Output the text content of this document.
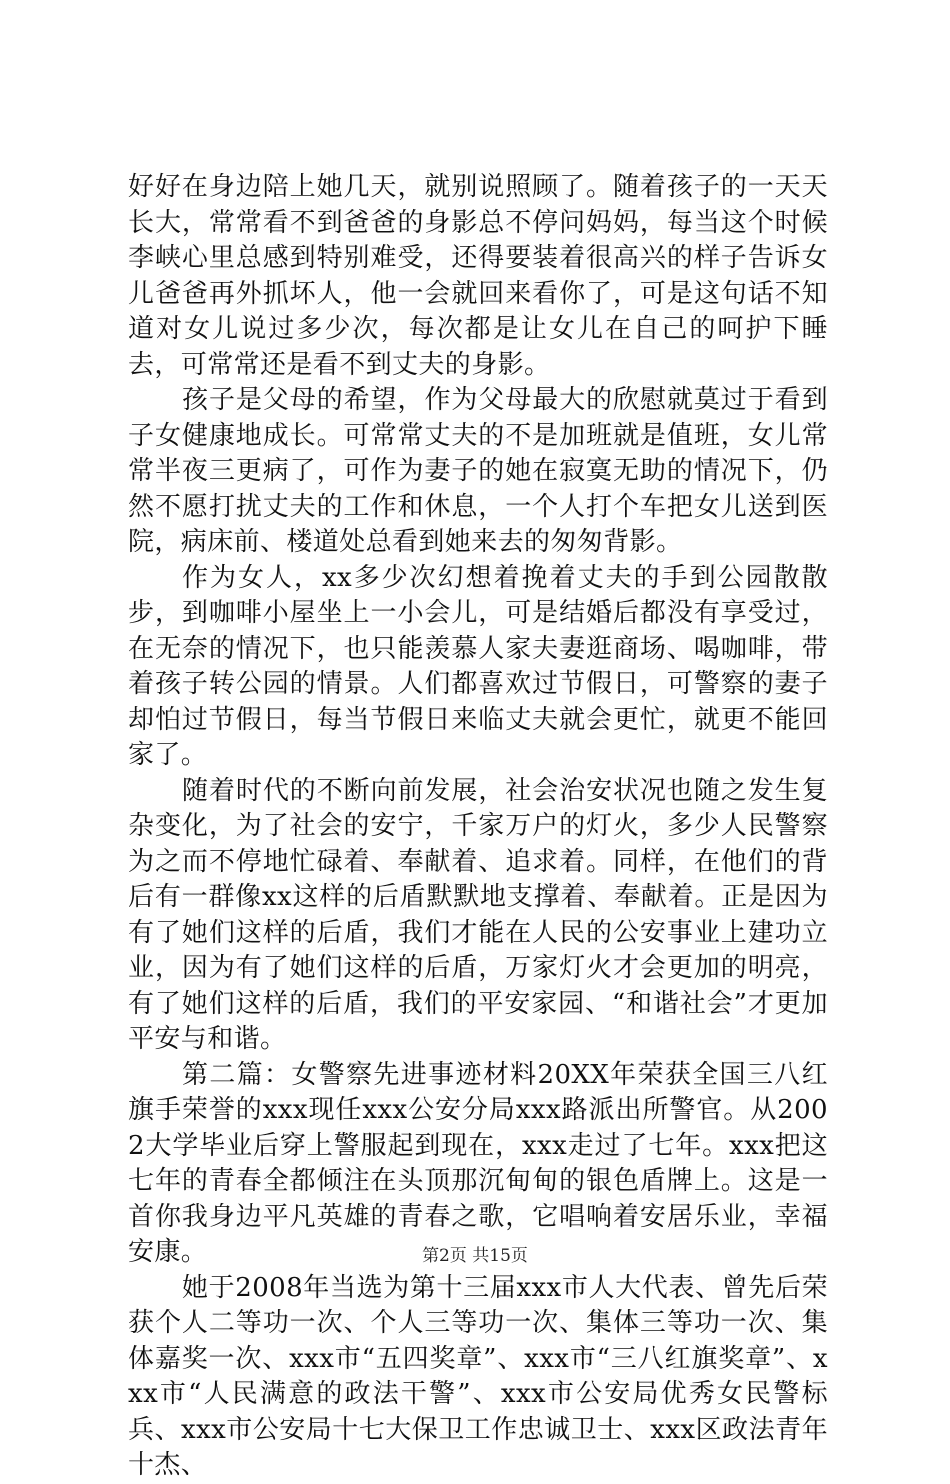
好好在身边陪上她几天，就别说照顾了。随着孩子的一天天长大，常常看不到爸爸的身影总不停问妈妈，每当这个时候李峡心里总感到特别难受，还得要装着很高兴的样子告诉女儿爸爸再外抓坏人，他一会就回来看你了，可是这句话不知道对女儿说过多少次，每次都是让女儿在自己的呵护下睡去，可常常还是看不到丈夫的身影。

孩子是父母的希望，作为父母最大的欣慰就莫过于看到子女健康地成长。可常常丈夫的不是加班就是值班，女儿常常半夜三更病了，可作为妻子的她在寂寞无助的情况下，仍然不愿打扰丈夫的工作和休息，一个人打个车把女儿送到医院，病床前、楼道处总看到她来去的匆匆背影。

作为女人，xx多少次幻想着挽着丈夫的手到公园散散步，到咖啡小屋坐上一小会儿，可是结婚后都没有享受过，在无奈的情况下，也只能羡慕人家夫妻逛商场、喝咖啡，带着孩子转公园的情景。人们都喜欢过节假日，可警察的妻子却怕过节假日，每当节假日来临丈夫就会更忙，就更不能回家了。

随着时代的不断向前发展，社会治安状况也随之发生复杂变化，为了社会的安宁，千家万户的灯火，多少人民警察为之而不停地忙碌着、奉献着、追求着。同样，在他们的背后有一群像xx这样的后盾默默地支撑着、奉献着。正是因为有了她们这样的后盾，我们才能在人民的公安事业上建功立业，因为有了她们这样的后盾，万家灯火才会更加的明亮，有了她们这样的后盾，我们的平安家园、“和谐社会”才更加平安与和谐。

第二篇：女警察先进事迹材料20XX年荣获全国三八红旗手荣誉的xxx现任xxx公安分局xxx路派出所警官。从2002大学毕业后穿上警服起到现在，xxx走过了七年。xxx把这七年的青春全都倾注在头顶那沉甸甸的银色盾牌上。这是一首你我身边平凡英雄的青春之歌，它唱响着安居乐业，幸福安康。

她于2008年当选为第十三届xxx市人大代表、曾先后荣获个人二等功一次、个人三等功一次、集体三等功一次、集体嘉奖一次、xxx市“五四奖章”、xxx市“三八红旗奖章”、xxx市“人民满意的政法干警”、xxx市公安局优秀女民警标兵、xxx市公安局十七大保卫工作忠诚卫士、xxx区政法青年十杰、

第2页 共15页
